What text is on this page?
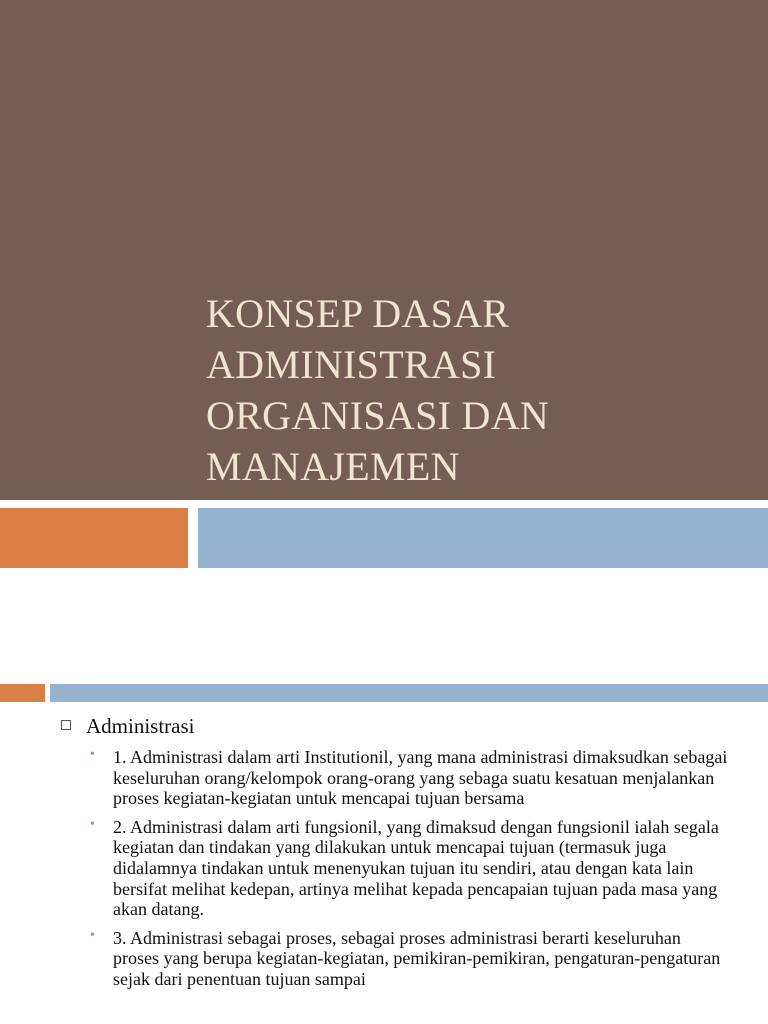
KONSEP DASAR
ADMINISTRASI
ORGANISASI DAN
MANAJEMEN
Administrasi
• 1. Administrasi dalam arti Institutionil, yang mana administrasi dimaksudkan sebagai keseluruhan orang/kelompok orang-orang yang sebaga suatu kesatuan menjalankan proses kegiatan-kegiatan untuk mencapai tujuan bersama
• 2. Administrasi dalam arti fungsionil, yang dimaksud dengan fungsionil ialah segala kegiatan dan tindakan yang dilakukan untuk mencapai tujuan (termasuk juga didalamnya tindakan untuk menenyukan tujuan itu sendiri, atau dengan kata lain bersifat melihat kedepan, artinya melihat kepada pencapaian tujuan pada masa yang akan datang.
• 3. Administrasi sebagai proses, sebagai proses administrasi berarti keseluruhan proses yang berupa kegiatan-kegiatan, pemikiran-pemikiran, pengaturan-pengaturan sejak dari penentuan tujuan sampai
